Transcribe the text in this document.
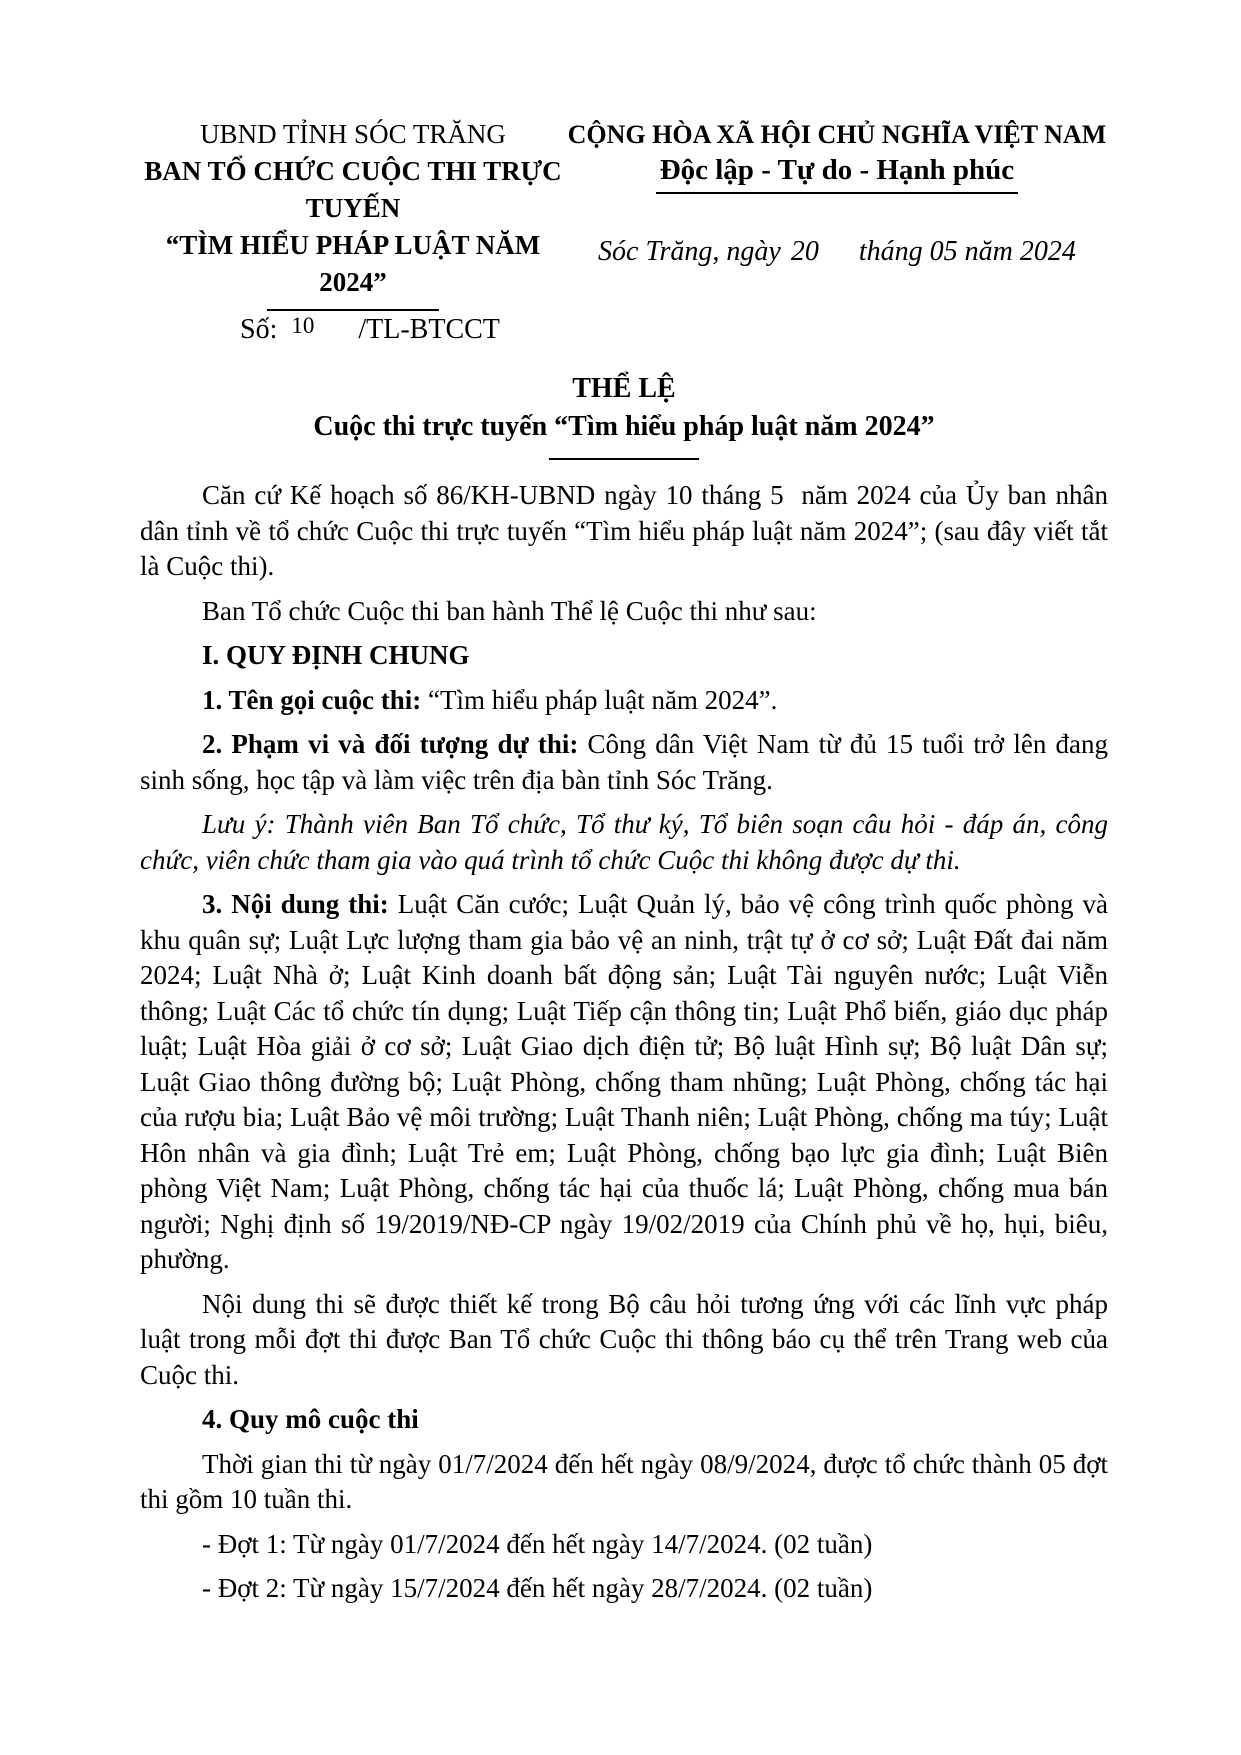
UBND TỈNH SÓC TRĂNG
BAN TỔ CHỨC CUỘC THI TRỰC TUYẾN
“TÌM HIỂU PHÁP LUẬT NĂM 2024”
CỘNG HÒA XÃ HỘI CHỦ NGHĨA VIỆT NAM
Độc lập - Tự do - Hạnh phúc
Sóc Trăng, ngày 20 tháng 05 năm 2024
Số: 10 /TL-BTCCT
THỂ LỆ
Cuộc thi trực tuyến “Tìm hiểu pháp luật năm 2024”

Căn cứ Kế hoạch số 86/KH-UBND ngày 10 tháng 5  năm 2024 của Ủy ban nhân dân tỉnh về tổ chức Cuộc thi trực tuyến “Tìm hiểu pháp luật năm 2024”; (sau đây viết tắt là Cuộc thi).

Ban Tổ chức Cuộc thi ban hành Thể lệ Cuộc thi như sau:

I. QUY ĐỊNH CHUNG

1. Tên gọi cuộc thi: “Tìm hiểu pháp luật năm 2024”.

2. Phạm vi và đối tượng dự thi: Công dân Việt Nam từ đủ 15 tuổi trở lên đang sinh sống, học tập và làm việc trên địa bàn tỉnh Sóc Trăng.

Lưu ý: Thành viên Ban Tổ chức, Tổ thư ký, Tổ biên soạn câu hỏi - đáp án, công chức, viên chức tham gia vào quá trình tổ chức Cuộc thi không được dự thi.

3. Nội dung thi: Luật Căn cước; Luật Quản lý, bảo vệ công trình quốc phòng và khu quân sự; Luật Lực lượng tham gia bảo vệ an ninh, trật tự ở cơ sở; Luật Đất đai năm 2024; Luật Nhà ở; Luật Kinh doanh bất động sản; Luật Tài nguyên nước; Luật Viễn thông; Luật Các tổ chức tín dụng; Luật Tiếp cận thông tin; Luật Phổ biến, giáo dục pháp luật; Luật Hòa giải ở cơ sở; Luật Giao dịch điện tử; Bộ luật Hình sự; Bộ luật Dân sự; Luật Giao thông đường bộ; Luật Phòng, chống tham nhũng; Luật Phòng, chống tác hại của rượu bia; Luật Bảo vệ môi trường; Luật Thanh niên; Luật Phòng, chống ma túy; Luật Hôn nhân và gia đình; Luật Trẻ em; Luật Phòng, chống bạo lực gia đình; Luật Biên phòng Việt Nam; Luật Phòng, chống tác hại của thuốc lá; Luật Phòng, chống mua bán người; Nghị định số 19/2019/NĐ-CP ngày 19/02/2019 của Chính phủ về họ, hụi, biêu, phường.

Nội dung thi sẽ được thiết kế trong Bộ câu hỏi tương ứng với các lĩnh vực pháp luật trong mỗi đợt thi được Ban Tổ chức Cuộc thi thông báo cụ thể trên Trang web của Cuộc thi.

4. Quy mô cuộc thi

Thời gian thi từ ngày 01/7/2024 đến hết ngày 08/9/2024, được tổ chức thành 05 đợt thi gồm 10 tuần thi.

- Đợt 1: Từ ngày 01/7/2024 đến hết ngày 14/7/2024. (02 tuần)

- Đợt 2: Từ ngày 15/7/2024 đến hết ngày 28/7/2024. (02 tuần)
